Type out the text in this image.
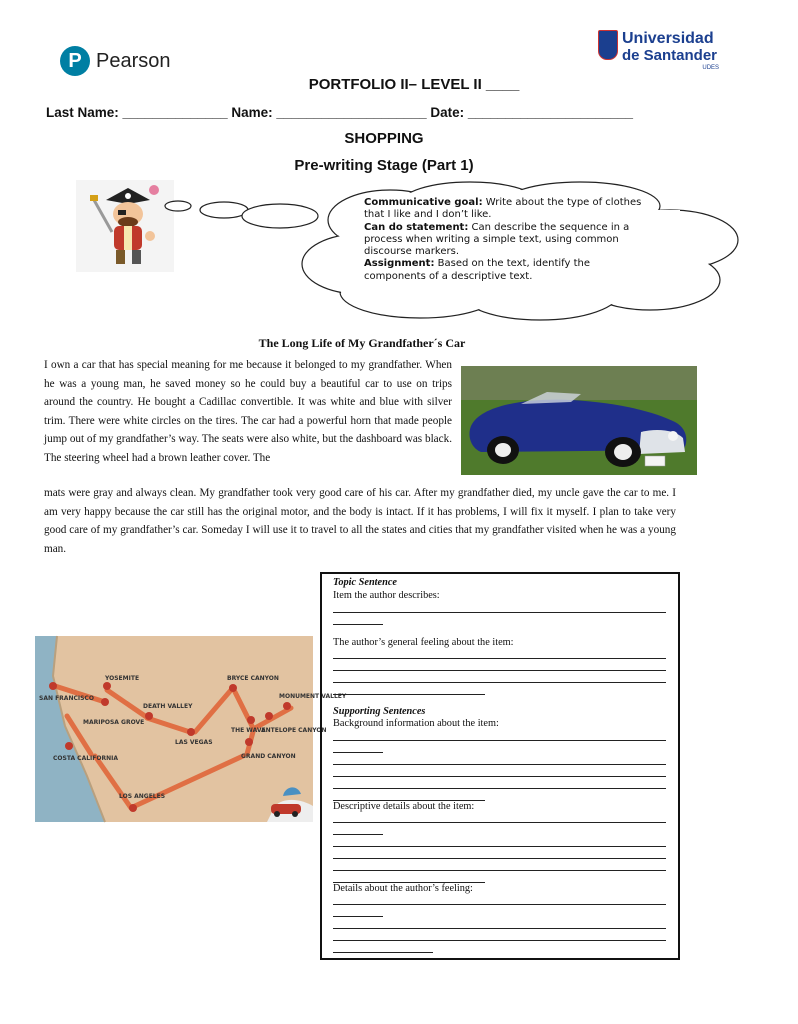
P Pearson
Universidad
de Santander
UDES
PORTFOLIO II– LEVEL II ____
Last Name: ______________ Name: ____________________ Date: ______________________
SHOPPING
Pre-writing Stage (Part 1)
Communicative goal: Write about the type of clothes that I like and I don’t like.
Can do statement: Can describe the sequence in a process when writing a simple text, using common discourse markers.
Assignment: Based on the text, identify the components of a descriptive text.
The Long Life of My Grandfather´s Car
I own a car that has special meaning for me because it belonged to my grandfather. When he was a young man, he saved money so he could buy a beautiful car to use on trips around the country. He bought a Cadillac convertible. It was white and blue with silver trim. There were white circles on the tires. The car had a powerful horn that made people jump out of my grandfather’s way. The seats were also white, but the dashboard was black. The steering wheel had a brown leather cover. The
mats were gray and always clean. My grandfather took very good care of his car. After my grandfather died, my uncle gave the car to me. I am very happy because the car still has the original motor, and the body is intact. If it has problems, I will fix it myself. I plan to take very good care of my grandfather’s car. Someday I will use it to travel to all the states and cities that my grandfather visited when he was a young man.
SAN FRANCISCO
YOSEMITE
MARIPOSA GROVE
DEATH VALLEY
LAS VEGAS
BRYCE CANYON
MONUMENT VALLEY
THE WAVE
ANTELOPE CANYON
GRAND CANYON
COSTA CALIFORNIA
LOS ANGELES
Topic Sentence
Item the author describes:
The author’s general feeling about the item:
Supporting Sentences
Background information about the item:
Descriptive details about the item:
Details about the author’s feeling:
